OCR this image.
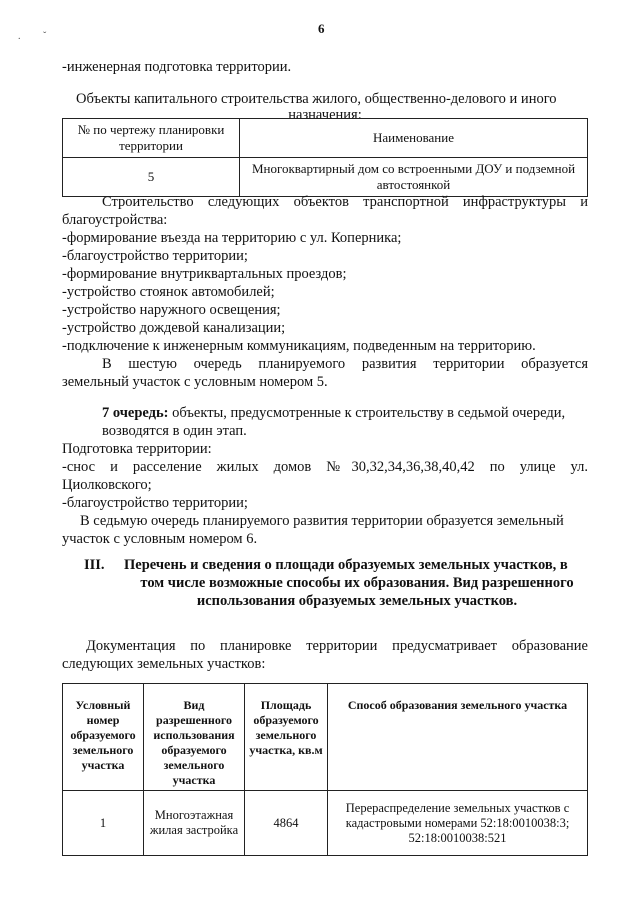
. ˇ
6
-инженерная подготовка территории.
Объекты капитального строительства жилого, общественно-делового и иного
назначения:
№ по чертежу планировки территории	Наименование
5	Многоквартирный дом со встроенными ДОУ и подземной автостоянкой
Строительство следующих объектов транспортной инфраструктуры и
благоустройства:
-формирование въезда на территорию с ул. Коперника;
-благоустройство территории;
-формирование внутриквартальных проездов;
-устройство стоянок автомобилей;
-устройство наружного освещения;
-устройство дождевой канализации;
-подключение к инженерным коммуникациям, подведенным на территорию.
В шестую очередь планируемого развития территории образуется
земельный участок с условным номером 5.
7 очередь: объекты, предусмотренные к строительству в седьмой очереди,
возводятся в один этап.
Подготовка территории:
-снос и расселение жилых домов №30,32,34,36,38,40,42 по улице ул.
Циолковского;
-благоустройство территории;
В седьмую очередь планируемого развития территории образуется земельный
участок с условным номером 6.
III. Перечень и сведения о площади образуемых земельных участков, в
том числе возможные способы их образования. Вид разрешенного
использования образуемых земельных участков.
Документация по планировке территории предусматривает образование
следующих земельных участков:
Условный номер образуемого земельного участка	Вид разрешенного использования образуемого земельного участка	Площадь образуемого земельного участка, кв.м	Способ образования земельного участка
1	Многоэтажная жилая застройка	4864	Перераспределение земельных участков с кадастровыми номерами 52:18:0010038:3; 52:18:0010038:521
